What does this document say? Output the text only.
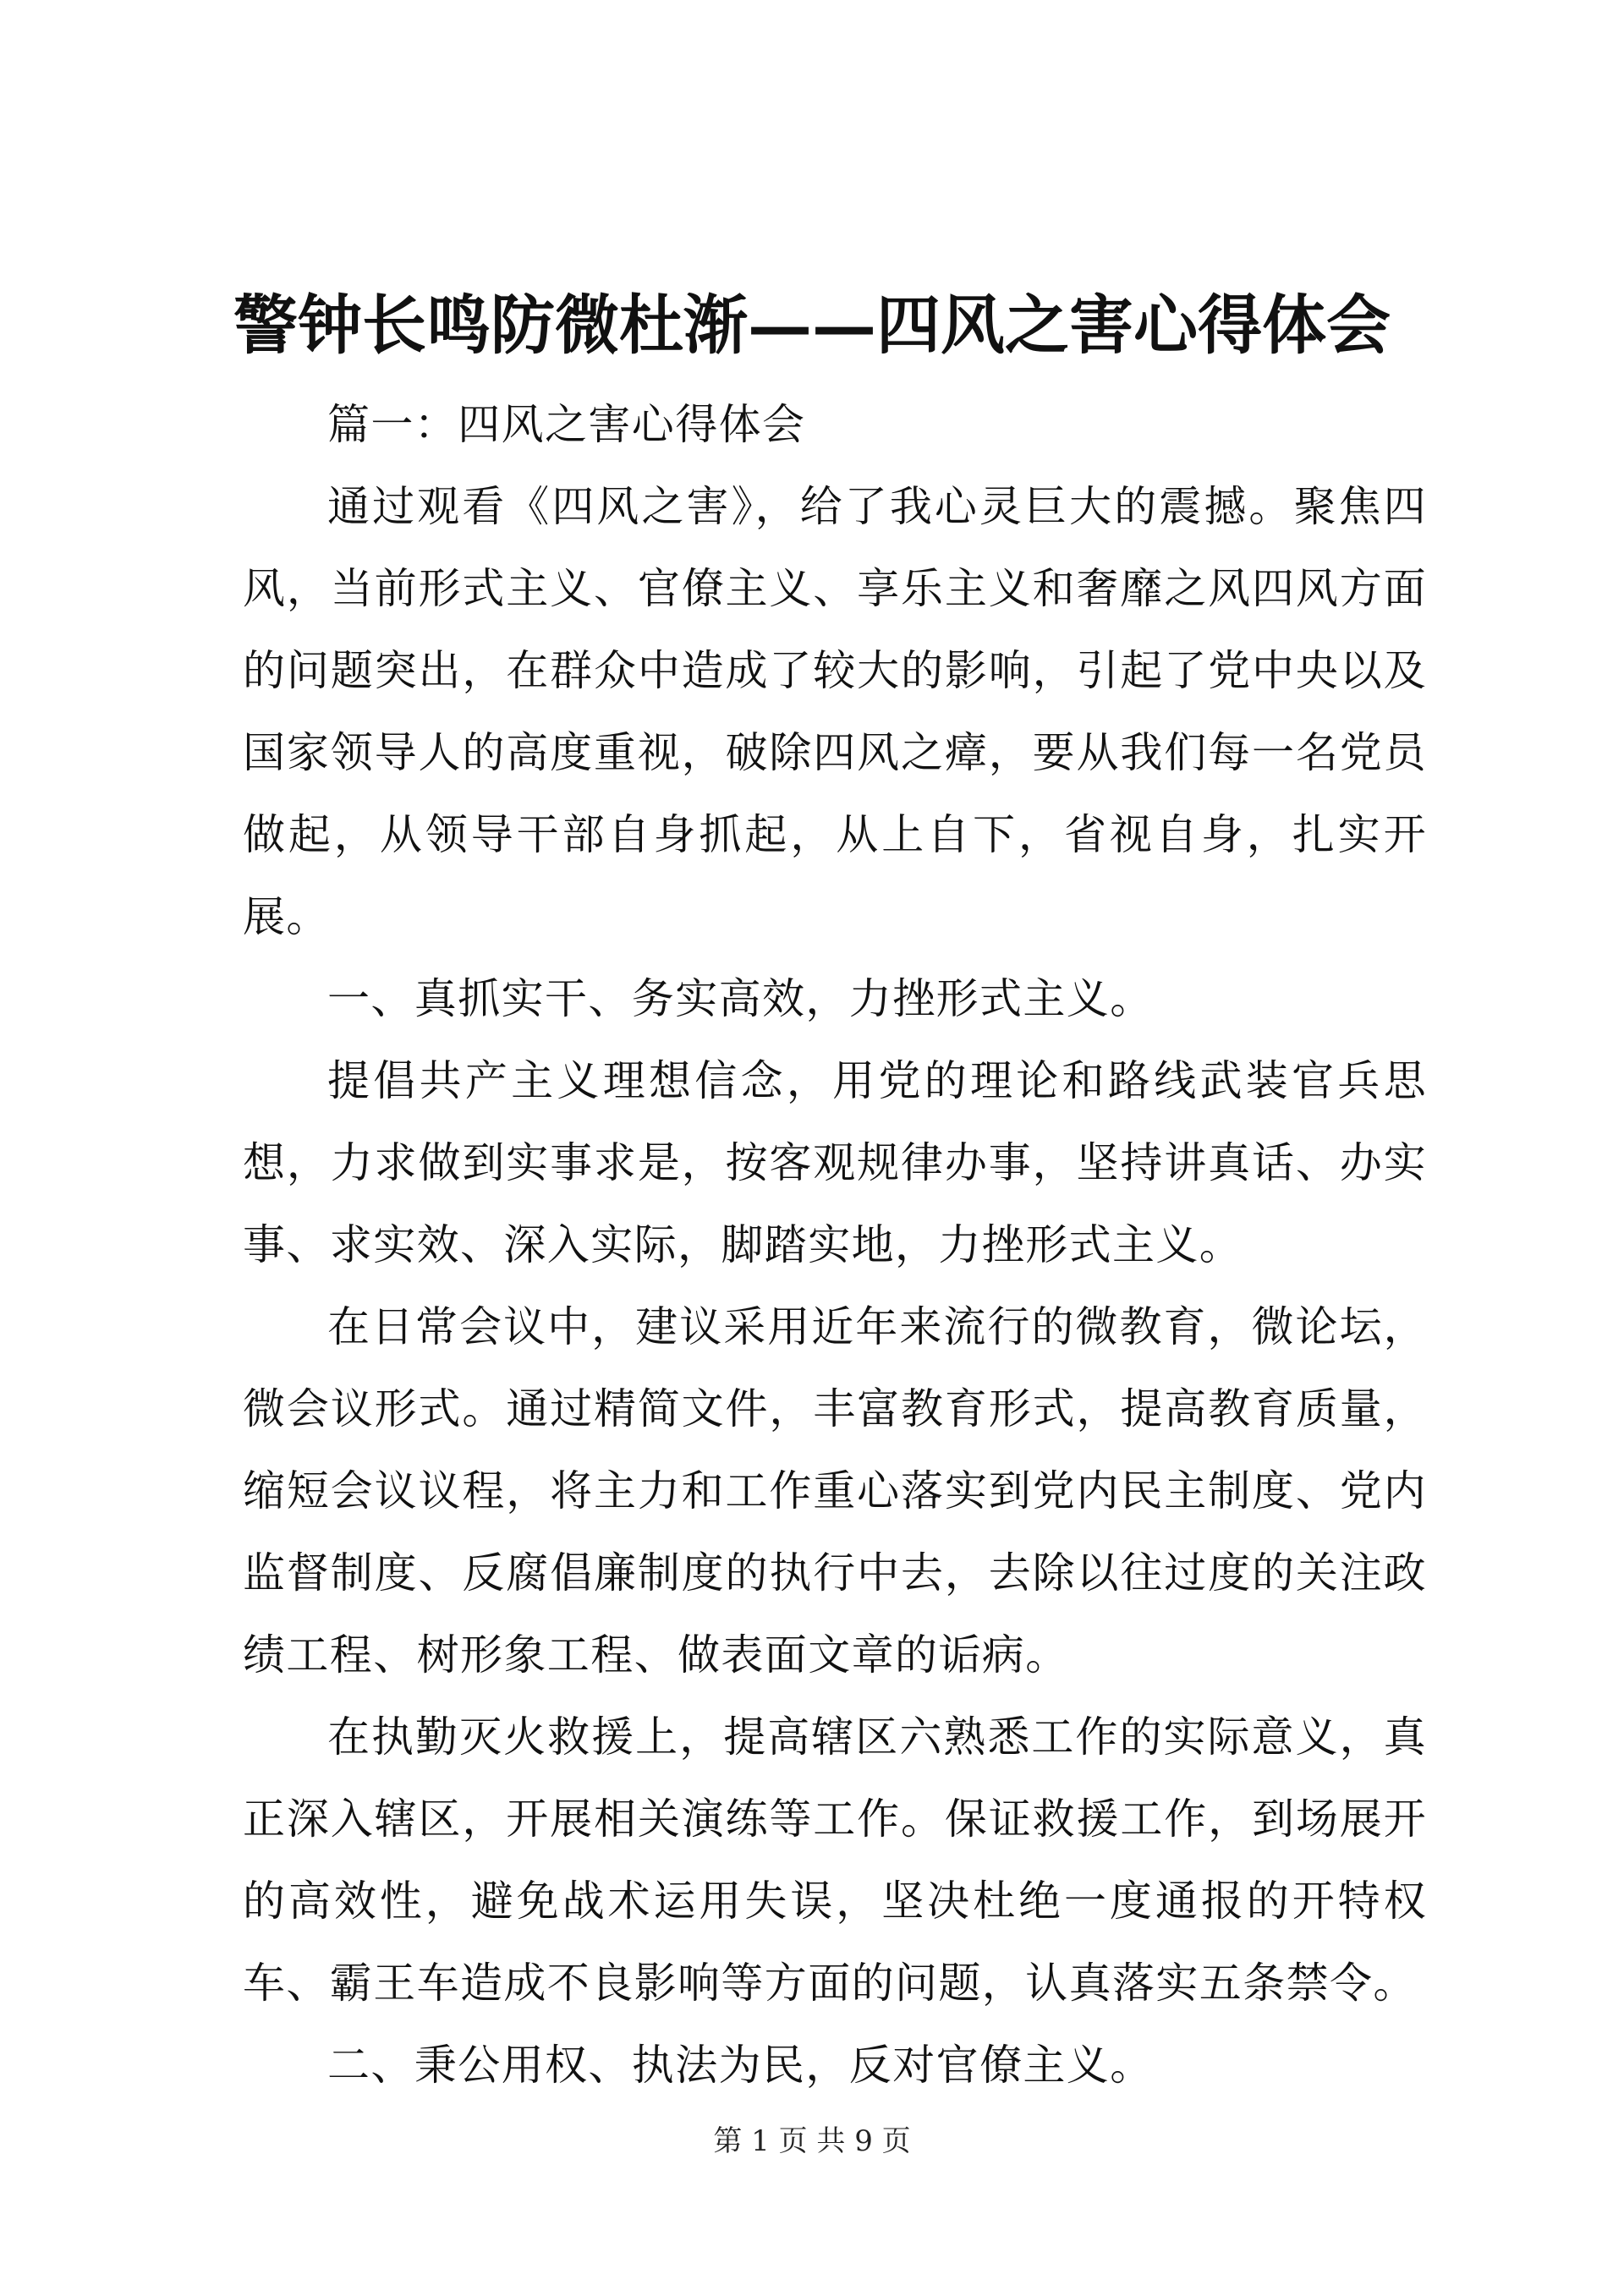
警钟长鸣防微杜渐——四风之害心得体会

篇一：四风之害心得体会

通过观看《四风之害》，给了我心灵巨大的震撼。聚焦四风，当前形式主义、官僚主义、享乐主义和奢靡之风四风方面的问题突出，在群众中造成了较大的影响，引起了党中央以及国家领导人的高度重视，破除四风之瘴，要从我们每一名党员做起，从领导干部自身抓起，从上自下，省视自身，扎实开展。

一、真抓实干、务实高效，力挫形式主义。

提倡共产主义理想信念，用党的理论和路线武装官兵思想，力求做到实事求是，按客观规律办事，坚持讲真话、办实事、求实效、深入实际，脚踏实地，力挫形式主义。

在日常会议中，建议采用近年来流行的微教育，微论坛，微会议形式。通过精简文件，丰富教育形式，提高教育质量，缩短会议议程，将主力和工作重心落实到党内民主制度、党内监督制度、反腐倡廉制度的执行中去，去除以往过度的关注政绩工程、树形象工程、做表面文章的诟病。

在执勤灭火救援上，提高辖区六熟悉工作的实际意义，真正深入辖区，开展相关演练等工作。保证救援工作，到场展开的高效性，避免战术运用失误，坚决杜绝一度通报的开特权车、霸王车造成不良影响等方面的问题，认真落实五条禁令。

二、秉公用权、执法为民，反对官僚主义。

第 1 页 共 9 页
